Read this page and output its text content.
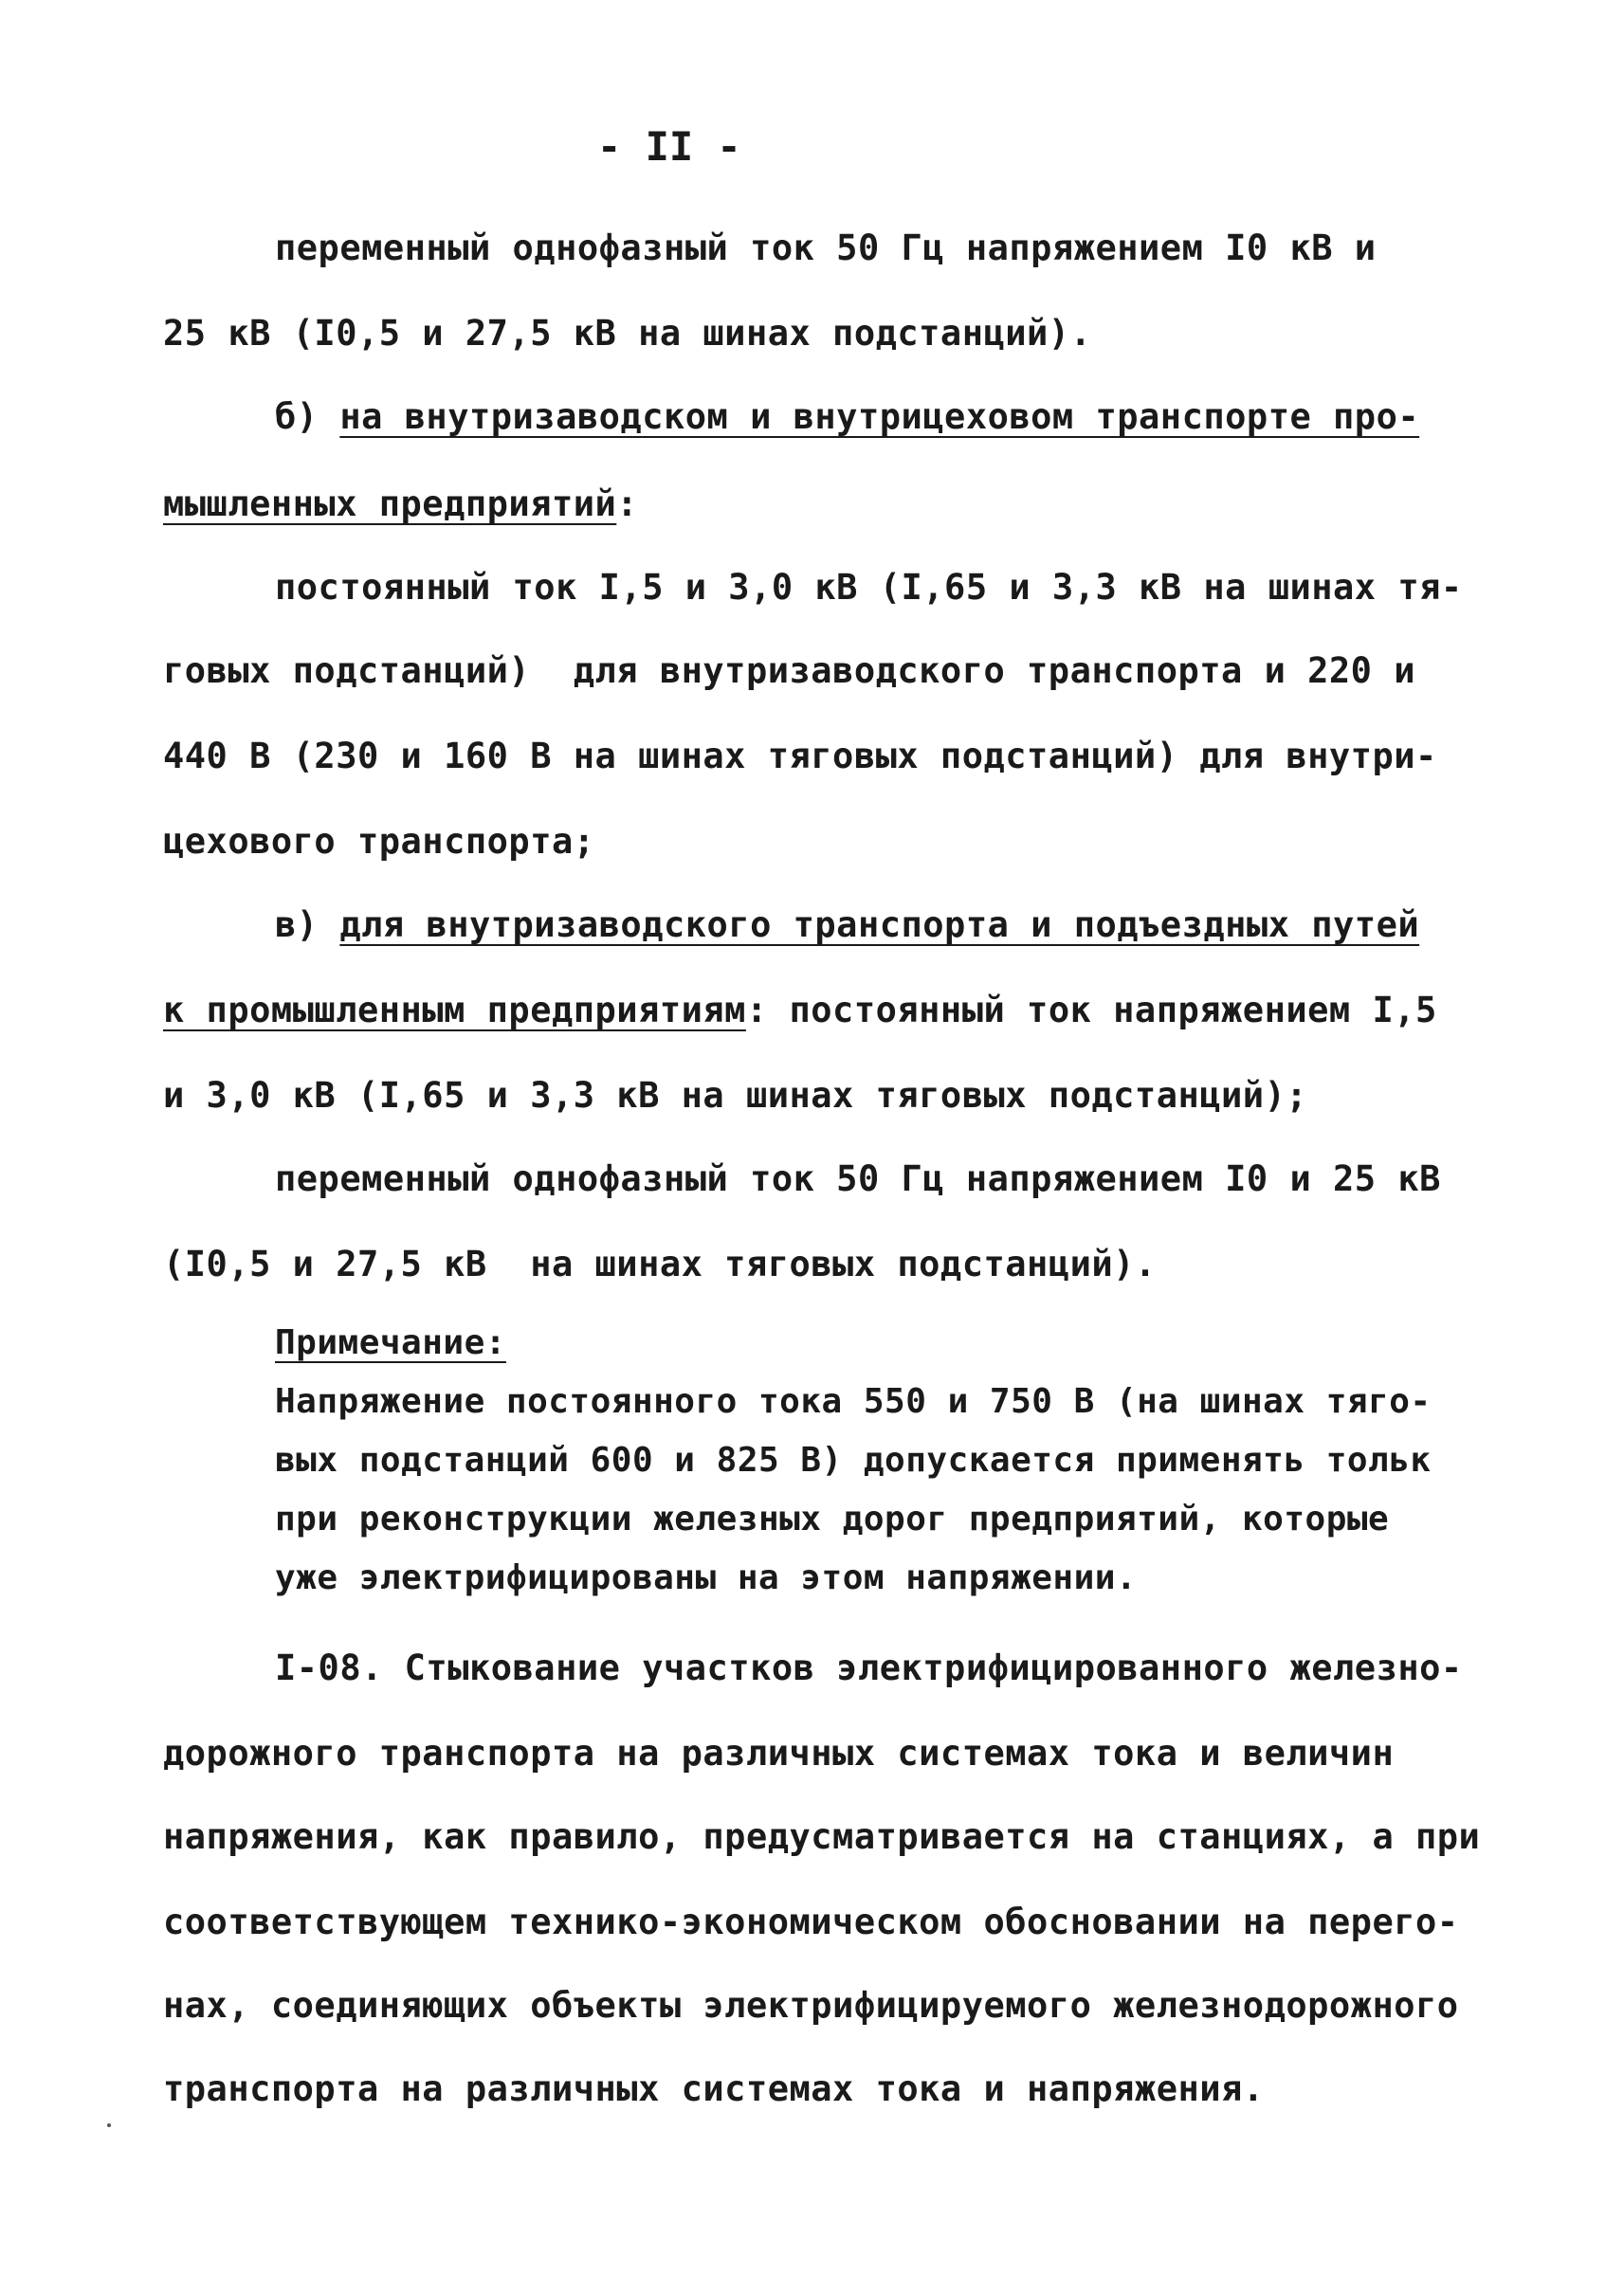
- II -
переменный однофазный ток 50 Гц напряжением I0 кВ и
25 кВ (I0,5 и 27,5 кВ на шинах подстанций).
б) на внутризаводском и внутрицеховом транспорте про-
мышленных предприятий:
постоянный ток I,5 и 3,0 кВ (I,65 и 3,3 кВ на шинах тя-
говых подстанций)  для внутризаводского транспорта и 220 и
440 В (230 и 160 В на шинах тяговых подстанций) для внутри-
цехового транспорта;
в) для внутризаводского транспорта и подъездных путей
к промышленным предприятиям: постоянный ток напряжением I,5
и 3,0 кВ (I,65 и 3,3 кВ на шинах тяговых подстанций);
переменный однофазный ток 50 Гц напряжением I0 и 25 кВ
(I0,5 и 27,5 кВ  на шинах тяговых подстанций).
Примечание:
Напряжение постоянного тока 550 и 750 В (на шинах тяго-
вых подстанций 600 и 825 В) допускается применять тольк
при реконструкции железных дорог предприятий, которые
уже электрифицированы на этом напряжении.
I-08. Стыкование участков электрифицированного железно-
дорожного транспорта на различных системах тока и величин
напряжения, как правило, предусматривается на станциях, а при
соответствующем технико-экономическом обосновании на перего-
нах, соединяющих объекты электрифицируемого железнодорожного
транспорта на различных системах тока и напряжения.
